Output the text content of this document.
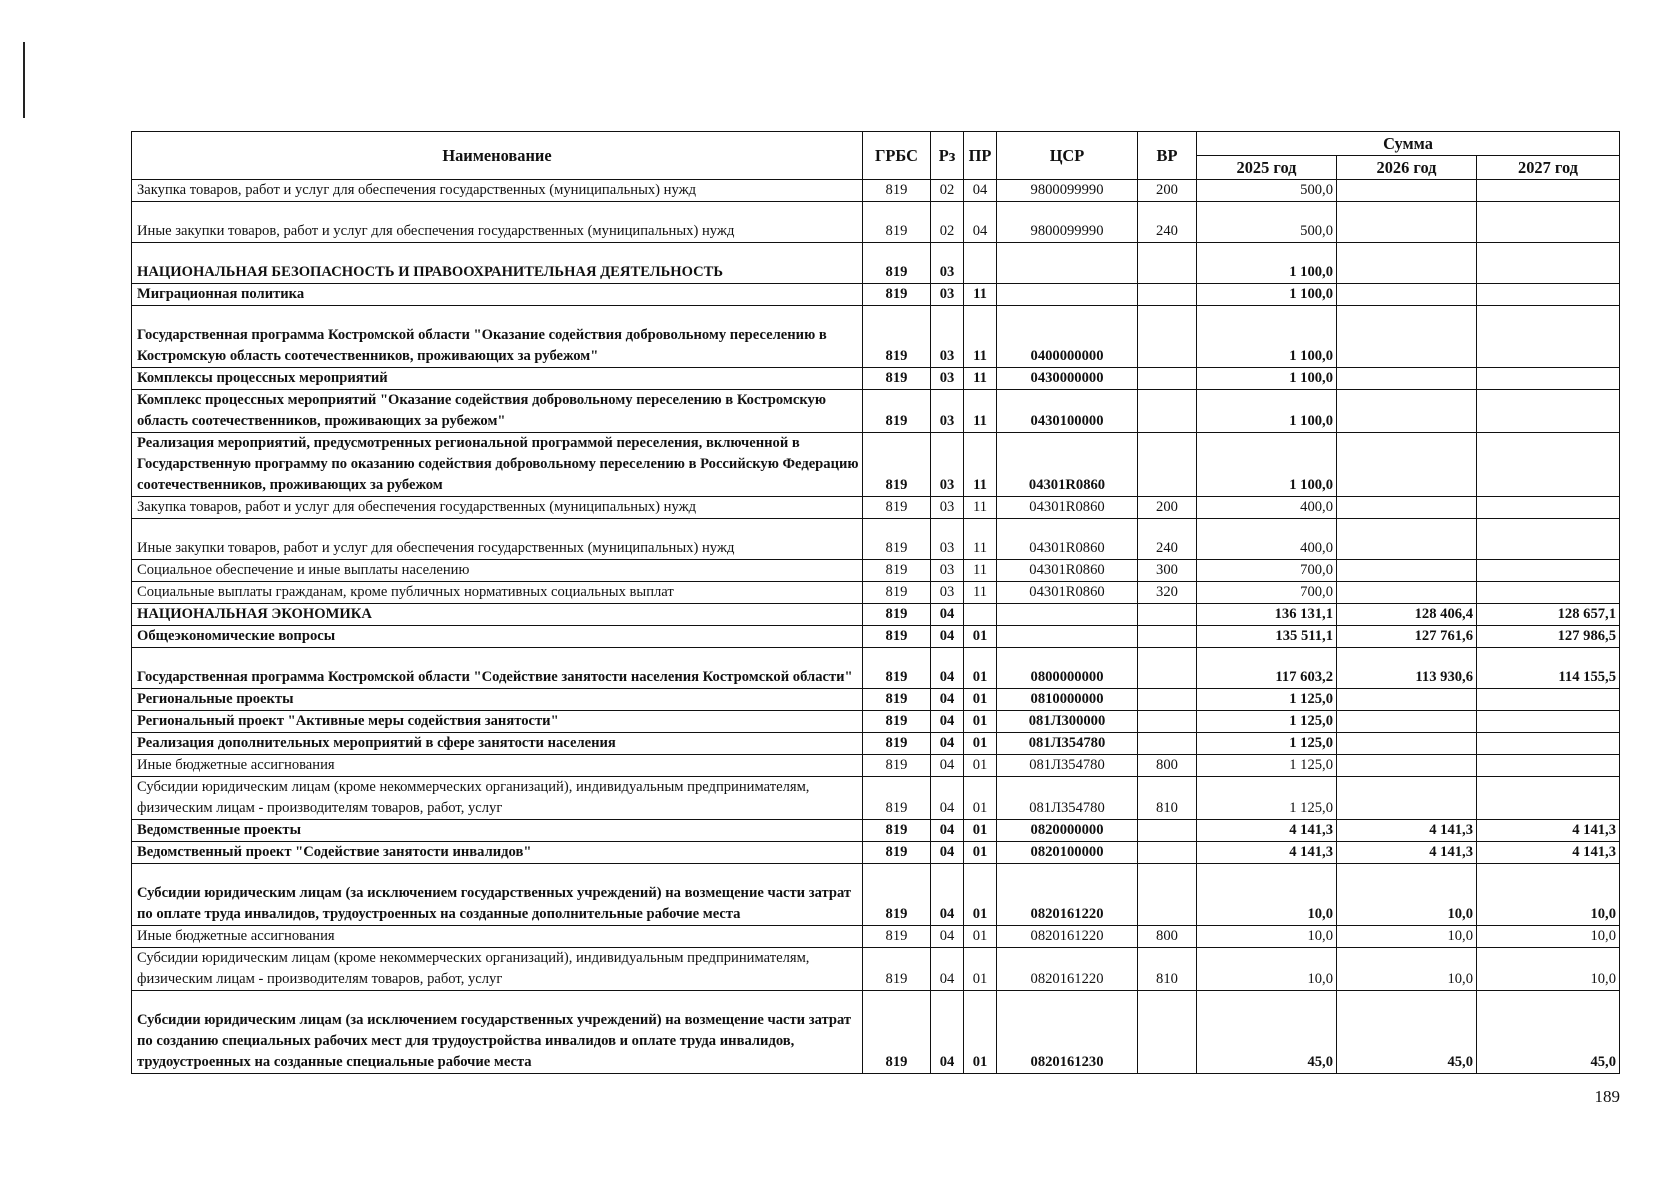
Наименование	ГРБС	Рз	ПР	ЦСР	ВР	Сумма		
						2025 год	2026 год	2027 год
Закупка товаров, работ и услуг для обеспечения государственных (муниципальных) нужд	819	02	04	9800099990	200	500,0		
Иные закупки товаров, работ и услуг для обеспечения государственных (муниципальных) нужд	819	02	04	9800099990	240	500,0		
НАЦИОНАЛЬНАЯ БЕЗОПАСНОСТЬ И ПРАВООХРАНИТЕЛЬНАЯ ДЕЯТЕЛЬНОСТЬ	819	03				1 100,0		
Миграционная политика	819	03	11			1 100,0		
Государственная программа Костромской области "Оказание содействия добровольному переселению в Костромскую область соотечественников, проживающих за рубежом"	819	03	11	0400000000		1 100,0		
Комплексы процессных мероприятий	819	03	11	0430000000		1 100,0		
Комплекс процессных мероприятий "Оказание содействия добровольному переселению в Костромскую область соотечественников, проживающих за рубежом"	819	03	11	0430100000		1 100,0		
Реализация мероприятий, предусмотренных региональной программой переселения, включенной в Государственную программу по оказанию содействия добровольному переселению в Российскую Федерацию соотечественников, проживающих за рубежом	819	03	11	04301R0860		1 100,0		
Закупка товаров, работ и услуг для обеспечения государственных (муниципальных) нужд	819	03	11	04301R0860	200	400,0		
Иные закупки товаров, работ и услуг для обеспечения государственных (муниципальных) нужд	819	03	11	04301R0860	240	400,0		
Социальное обеспечение и иные выплаты населению	819	03	11	04301R0860	300	700,0		
Социальные выплаты гражданам, кроме публичных нормативных социальных выплат	819	03	11	04301R0860	320	700,0		
НАЦИОНАЛЬНАЯ ЭКОНОМИКА	819	04				136 131,1	128 406,4	128 657,1
Общеэкономические вопросы	819	04	01			135 511,1	127 761,6	127 986,5
Государственная программа Костромской области "Содействие занятости населения Костромской области"	819	04	01	0800000000		117 603,2	113 930,6	114 155,5
Региональные проекты	819	04	01	0810000000		1 125,0		
Региональный проект "Активные меры содействия занятости"	819	04	01	081Л300000		1 125,0		
Реализация дополнительных мероприятий в сфере занятости населения	819	04	01	081Л354780		1 125,0		
Иные бюджетные ассигнования	819	04	01	081Л354780	800	1 125,0		
Субсидии юридическим лицам (кроме некоммерческих организаций), индивидуальным предпринимателям, физическим лицам - производителям товаров, работ, услуг	819	04	01	081Л354780	810	1 125,0		
Ведомственные проекты	819	04	01	0820000000		4 141,3	4 141,3	4 141,3
Ведомственный проект "Содействие занятости инвалидов"	819	04	01	0820100000		4 141,3	4 141,3	4 141,3
Субсидии юридическим лицам (за исключением государственных учреждений) на возмещение части затрат по оплате труда инвалидов, трудоустроенных на созданные дополнительные рабочие места	819	04	01	0820161220		10,0	10,0	10,0
Иные бюджетные ассигнования	819	04	01	0820161220	800	10,0	10,0	10,0
Субсидии юридическим лицам (кроме некоммерческих организаций), индивидуальным предпринимателям, физическим лицам - производителям товаров, работ, услуг	819	04	01	0820161220	810	10,0	10,0	10,0
Субсидии юридическим лицам (за исключением государственных учреждений) на возмещение части затрат по созданию специальных рабочих мест для трудоустройства инвалидов и оплате труда инвалидов, трудоустроенных на созданные специальные рабочие места	819	04	01	0820161230		45,0	45,0	45,0
189
